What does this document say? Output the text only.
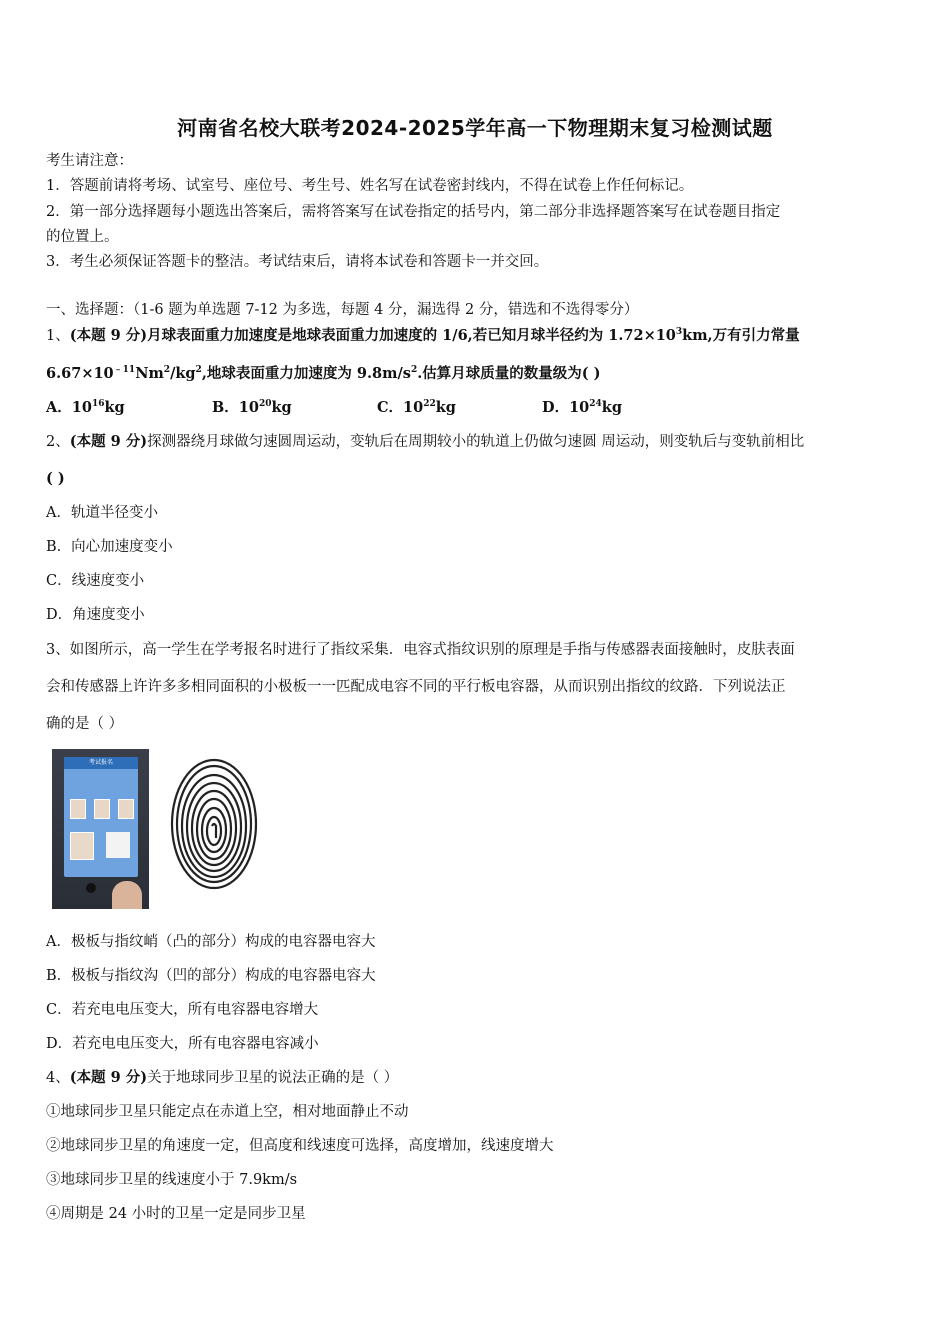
河南省名校大联考2024-2025学年高一下物理期末复习检测试题
考生请注意：
1．答题前请将考场、试室号、座位号、考生号、姓名写在试卷密封线内，不得在试卷上作任何标记。
2．第一部分选择题每小题选出答案后，需将答案写在试卷指定的括号内，第二部分非选择题答案写在试卷题目指定
的位置上。
3．考生必须保证答题卡的整洁。考试结束后，请将本试卷和答题卡一并交回。
一、选择题：（1-6 题为单选题 7-12 为多选，每题 4 分，漏选得 2 分，错选和不选得零分）
1、(本题 9 分)月球表面重力加速度是地球表面重力加速度的 1/6,若已知月球半径约为 $1.72\times 10^3km$,万有引力常量
$6.67\times 10^{﹣11}Nm^2/kg^2$,地球表面重力加速度为 $9.8m/s^2$.估算月球质量的数量级为( )
A．$10^{16}kg$	B．$10^{20}kg$	C．$10^{22}kg$	D．$10^{24}kg$
2、(本题 9 分)探测器绕月球做匀速圆周运动，变轨后在周期较小的轨道上仍做匀速圆 周运动，则变轨后与变轨前相比
( )
A．轨道半径变小
B．向心加速度变小
C．线速度变小
D．角速度变小
3、如图所示，高一学生在学考报名时进行了指纹采集．电容式指纹识别的原理是手指与传感器表面接触时，皮肤表面
会和传感器上许许多多相同面积的小极板一一匹配成电容不同的平行板电容器，从而识别出指纹的纹路．下列说法正
确的是（ ）
考试报名
A．极板与指纹峭（凸的部分）构成的电容器电容大
B．极板与指纹沟（凹的部分）构成的电容器电容大
C．若充电电压变大，所有电容器电容增大
D．若充电电压变大，所有电容器电容减小
4、(本题 9 分)关于地球同步卫星的说法正确的是（ ）
①地球同步卫星只能定点在赤道上空，相对地面静止不动
②地球同步卫星的角速度一定，但高度和线速度可选择，高度增加，线速度增大
③地球同步卫星的线速度小于 7.9km/s
④周期是 24 小时的卫星一定是同步卫星
